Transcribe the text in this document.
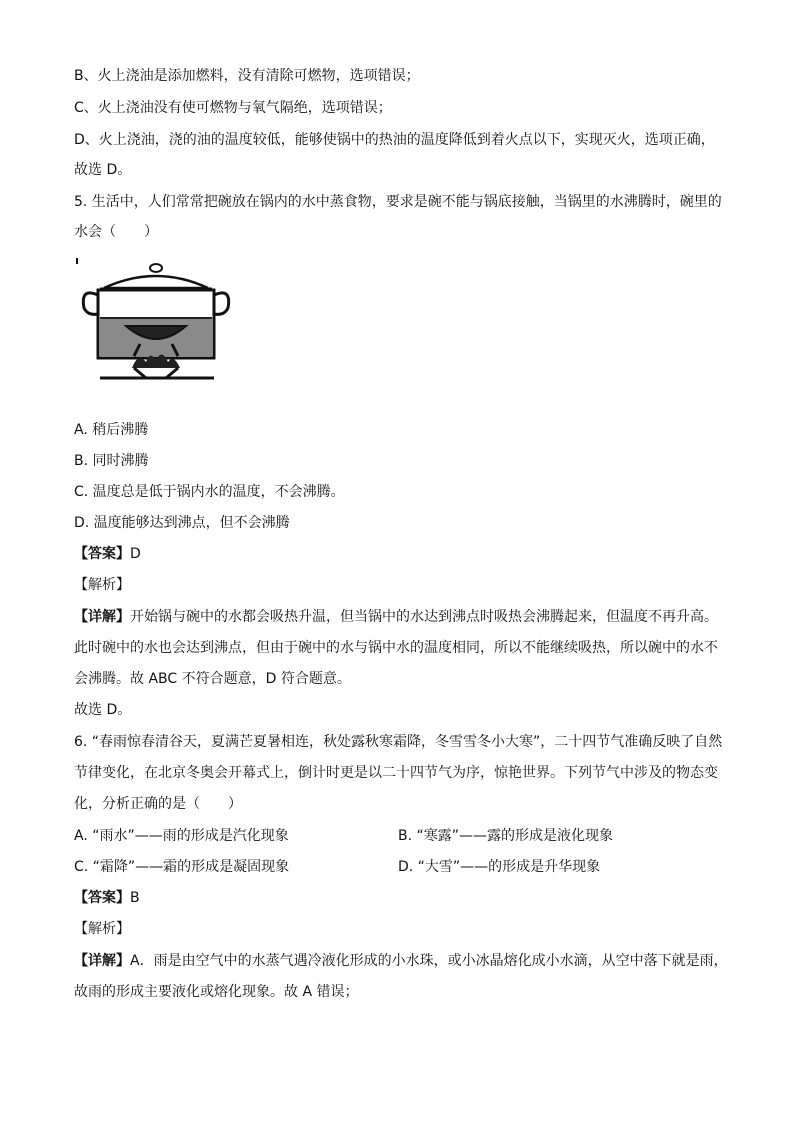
B、火上浇油是添加燃料，没有清除可燃物，选项错误；

C、火上浇油没有使可燃物与氧气隔绝，选项错误；

D、火上浇油，浇的油的温度较低，能够使锅中的热油的温度降低到着火点以下，实现灭火，选项正确，

故选 D。

5. 生活中，人们常常把碗放在锅内的水中蒸食物，要求是碗不能与锅底接触，当锅里的水沸腾时，碗里的

水会（　　）

A. 稍后沸腾

B. 同时沸腾

C. 温度总是低于锅内水的温度，不会沸腾。

D. 温度能够达到沸点，但不会沸腾

【答案】D

【解析】

【详解】开始锅与碗中的水都会吸热升温，但当锅中的水达到沸点时吸热会沸腾起来，但温度不再升高。

此时碗中的水也会达到沸点，但由于碗中的水与锅中水的温度相同，所以不能继续吸热，所以碗中的水不

会沸腾。故 ABC 不符合题意，D 符合题意。

故选 D。

6. “春雨惊春清谷天，夏满芒夏暑相连，秋处露秋寒霜降，冬雪雪冬小大寒”，二十四节气准确反映了自然

节律变化，在北京冬奥会开幕式上，倒计时更是以二十四节气为序，惊艳世界。下列节气中涉及的物态变

化，分析正确的是（　　）

A. “雨水”——雨的形成是汽化现象	B. “寒露”——露的形成是液化现象

C. “霜降”——霜的形成是凝固现象	D. “大雪”——的形成是升华现象

【答案】B

【解析】

【详解】A．雨是由空气中的水蒸气遇冷液化形成的小水珠，或小冰晶熔化成小水滴，从空中落下就是雨，

故雨的形成主要液化或熔化现象。故 A 错误；
